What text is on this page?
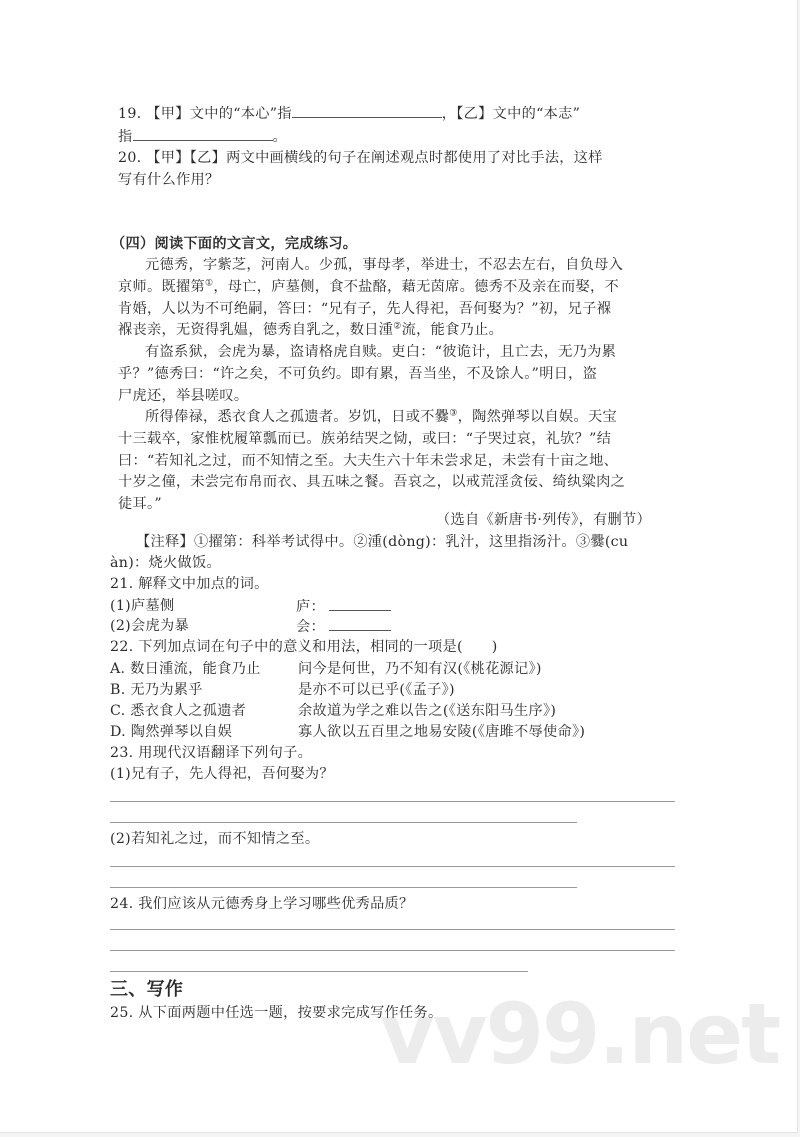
19. 【甲】文中的“本心”指	，【乙】文中的“本志”
指	。
20. 【甲】【乙】两文中画横线的句子在阐述观点时都使用了对比手法，这样
写有什么作用？
（四）阅读下面的文言文，完成练习。
元德秀，字紫芝，河南人。少孤，事母孝，举进士，不忍去左右，自负母入
京师。既擢第①，母亡，庐墓侧，食不盐酪，藉无茵席。德秀不及亲在而娶，不
肯婚，人以为不可绝嗣，答曰：“兄有子，先人得祀，吾何娶为？”初，兄子褓
褓丧亲，无资得乳媪，德秀自乳之，数日湩②流，能食乃止。
有盗系狱，会虎为暴，盗请格虎自赎。吏白：“彼诡计，且亡去，无乃为累
乎？”德秀曰：“许之矣，不可负约。即有累，吾当坐，不及馀人。”明日，盗
尸虎还，举县嗟叹。
所得俸禄，悉衣食人之孤遗者。岁饥，日或不爨③，陶然弹琴以自娱。天宝
十三载卒，家惟枕履箪瓢而已。族弟结哭之恸，或曰：“子哭过哀，礼欤？”结
曰：“若知礼之过，而不知情之至。大夫生六十年未尝求足，未尝有十亩之地、
十岁之僮，未尝完布帛而衣、具五味之餐。吾哀之，以戒荒淫贪佞、绮纨粱肉之
徒耳。”
（选自《新唐书·列传》，有删节）
【注释】①擢第：科举考试得中。②湩(dòng)：乳汁，这里指汤汁。③爨(cu
àn)：烧火做饭。
21. 解释文中加点的词。
(1)庐墓侧	庐：
(2)会虎为暴	会：
22. 下列加点词在句子中的意义和用法，相同的一项是(　　)
A. 数日湩流，能食乃止	问今是何世，乃不知有汉(《桃花源记》)
B. 无乃为累乎	是亦不可以已乎(《孟子》)
C. 悉衣食人之孤遗者	余故道为学之难以告之(《送东阳马生序》)
D. 陶然弹琴以自娱	寡人欲以五百里之地易安陵(《唐雎不辱使命》)
23. 用现代汉语翻译下列句子。
(1)兄有子，先人得祀，吾何娶为？
(2)若知礼之过，而不知情之至。
24. 我们应该从元德秀身上学习哪些优秀品质？
vv99.net
三、写作
25. 从下面两题中任选一题，按要求完成写作任务。
